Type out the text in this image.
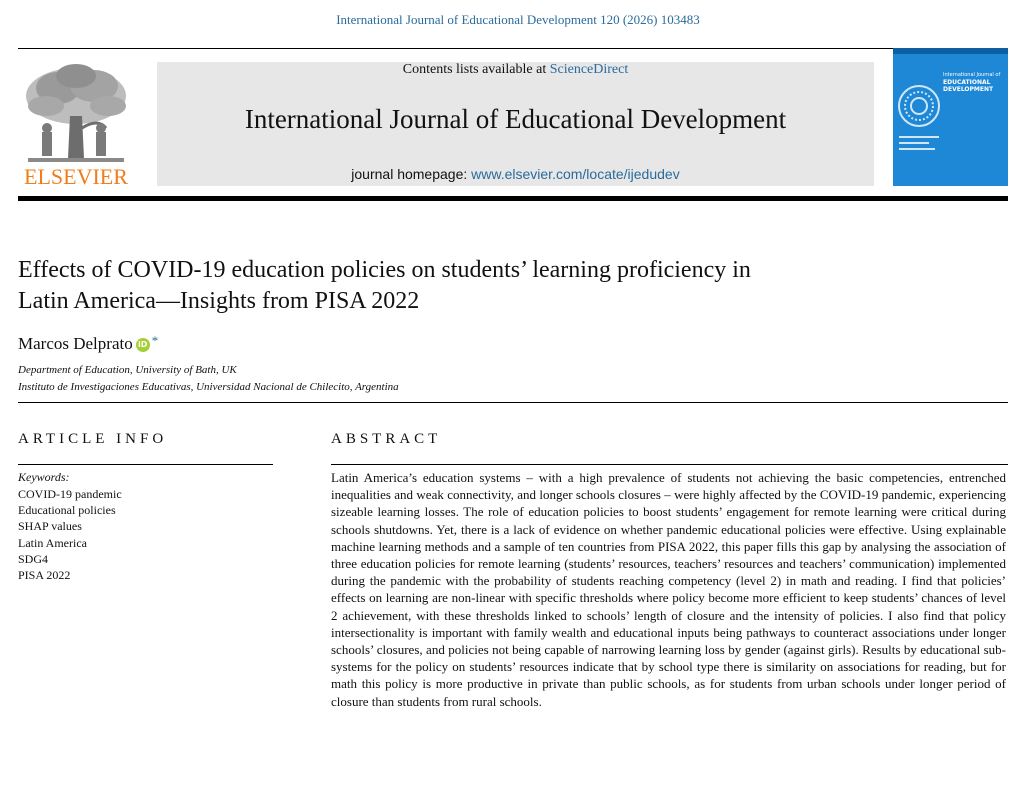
International Journal of Educational Development 120 (2026) 103483
ELSEVIER
Contents lists available at ScienceDirect
International Journal of Educational Development
journal homepage: www.elsevier.com/locate/ijedudev
International Journal of
EDUCATIONAL
DEVELOPMENT
Effects of COVID-19 education policies on students’ learning proficiency in
Latin America—Insights from PISA 2022
Marcos Delprato iD *
Department of Education, University of Bath, UK
Instituto de Investigaciones Educativas, Universidad Nacional de Chilecito, Argentina
ARTICLE INFO
Keywords:
COVID-19 pandemic
Educational policies
SHAP values
Latin America
SDG4
PISA 2022
ABSTRACT

Latin America’s education systems – with a high prevalence of students not achieving the basic competencies, entrenched inequalities and weak connectivity, and longer schools closures – were highly affected by the COVID-19 pandemic, experiencing sizeable learning losses. The role of education policies to boost students’ engagement for remote learning were critical during schools shutdowns. Yet, there is a lack of evidence on whether pandemic educational policies were effective. Using explainable machine learning methods and a sample of ten countries from PISA 2022, this paper fills this gap by analysing the association of three education policies for remote learning (students’ resources, teachers’ resources and teachers’ communication) implemented during the pandemic with the probability of students reaching competency (level 2) in math and reading. I find that policies’ effects on learning are non-linear with specific thresholds where policy become more efficient to keep students’ chances of level 2 achievement, with these thresholds linked to schools’ length of closure and the intensity of policies. I also find that policy intersectionality is important with family wealth and educational inputs being pathways to counteract associations under longer schools’ closures, and policies not being capable of narrowing learning loss by gender (against girls). Results by educational sub-systems for the policy on students’ resources indicate that by school type there is similarity on associations for reading, but for math this policy is more productive in private than public schools, as for students from urban schools under longer period of closure than students from rural schools.
